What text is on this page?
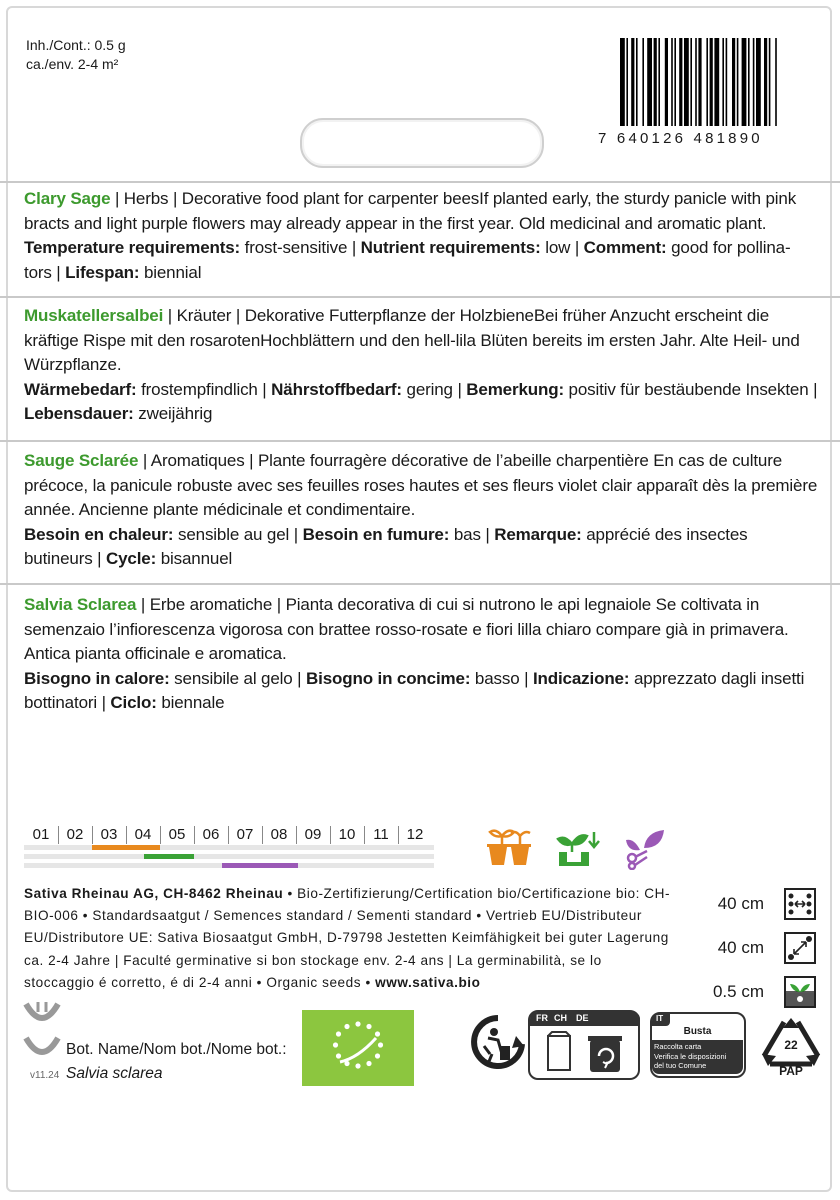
Inh./Cont.: 0.5 g
ca./env. 2-4 m²
7 640126 481890
Clary Sage | Herbs | Decorative food plant for carpenter beesIf planted early, the sturdy panicle with pink bracts and light purple flowers may already appear in the first year. Old medicinal and aromatic plant.
Temperature requirements: frost-sensitive | Nutrient requirements: low | Comment: good for pollina-tors | Lifespan: biennial
Muskatellersalbei | Kräuter | Dekorative Futterpflanze der HolzbieneBei früher Anzucht erscheint die kräftige Rispe mit den rosarotenHochblättern und den hell-lila Blüten bereits im ersten Jahr. Alte Heil- und Würzpflanze.
Wärmebedarf: frostempfindlich | Nährstoffbedarf: gering | Bemerkung: positiv für bestäubende Insekten | Lebensdauer: zweijährig
Sauge Sclarée | Aromatiques | Plante fourragère décorative de l’abeille charpentière En cas de culture précoce, la panicule robuste avec ses feuilles roses hautes et ses fleurs violet clair apparaît dès la première année. Ancienne plante médicinale et condimentaire.
Besoin en chaleur: sensible au gel | Besoin en fumure: bas | Remarque: apprécié des insectes butineurs | Cycle: bisannuel
Salvia Sclarea | Erbe aromatiche | Pianta decorativa di cui si nutrono le api legnaiole Se coltivata in semenzaio l’infiorescenza vigorosa con brattee rosso-rosate e fiori lilla chiaro compare già in primavera. Antica pianta officinale e aromatica.
Bisogno in calore: sensibile al gelo | Bisogno in concime: basso | Indicazione: apprezzato dagli insetti bottinatori | Ciclo: biennale
01	02	03	04	05	06	07	08	09	10	11	12
Sativa Rheinau AG, CH-8462 Rheinau • Bio-Zertifizierung/Certification bio/Certificazione bio: CH-BIO-006 • Standardsaatgut / Semences standard / Sementi standard • Vertrieb EU/Distributeur EU/Distributore UE: Sativa Biosaatgut GmbH, D-79798 Jestetten Keimfähigkeit bei guter Lagerung ca. 2-4 Jahre | Faculté germinative si bon stockage env. 2-4 ans | La germinabilità, se lo stoccaggio é corretto, é di 2-4 anni • Organic seeds • www.sativa.bio
40 cm
40 cm
0.5 cm
v11.24
Bot. Name/Nom bot./Nome bot.:
Salvia sclarea
FR CH DE	IT
Busta
Raccolta carta
Verifica le disposizioni
del tuo Comune
22
PAP
